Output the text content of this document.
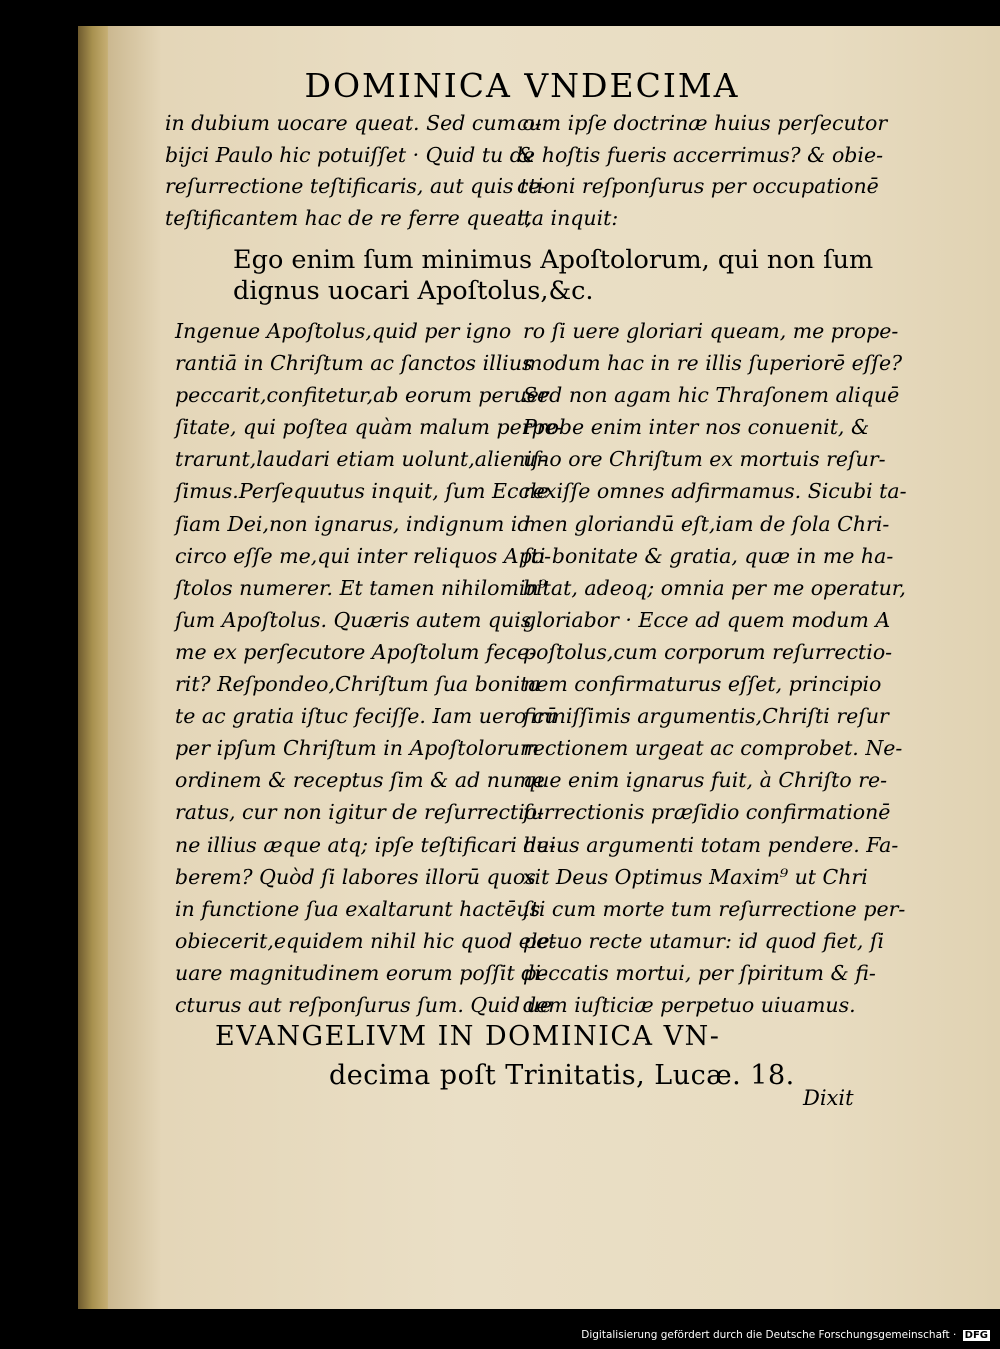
DOMINICA VNDECIMA
in dubium uocare queat. Sed cum o-
bijci Paulo hic potuiſſet · Quid tu de
reſurrectione teſtificaris, aut quis te-
teſtificantem hac de re ferre queat,
cum ipſe doctrinæ huius perſecutor
& hoſtis fueris accerrimus? & obie-
ctioni reſponſurus per occupationē
ita inquit:
Ego enim ſum minimus Apoſtolorum, qui non ſum
dignus uocari Apoſtolus,&c.
Ingenue Apoſtolus,quid per igno
rantiā in Chriſtum ac ſanctos illius
peccarit,confitetur,ab eorum peruer
ſitate, qui poſtea quàm malum perpe-
trarunt,laudari etiam uolunt,alieniſ-
ſimus.Perſequutus inquit, ſum Eccle
ſiam Dei,non ignarus, indignum id
circo eſſe me,qui inter reliquos Apo-
ſtolos numerer. Et tamen nihilomin⁹
ſum Apoſtolus. Quæris autem quis
me ex perſecutore Apoſtolum fece-
rit? Reſpondeo,Chriſtum ſua bonita
te ac gratia iſtuc feciſſe. Iam uero cū
per ipſum Chriſtum in Apoſtolorum
ordinem & receptus ſim & ad nume
ratus, cur non igitur de reſurrectio-
ne illius æque atq; ipſe teſtificari de-
berem? Quòd ſi labores illorū quos
in functione ſua exaltarunt hactēus
obiecerit,equidem nihil hic quod ele-
uare magnitudinem eorum poſſit di-
cturus aut reſponſurus ſum. Quid ue
ro ſi uere gloriari queam, me prope-
modum hac in re illis ſuperiorē eſſe?
Sed non agam hic Thraſonem aliquē
Probe enim inter nos conuenit, &
uno ore Chriſtum ex mortuis reſur-
rexiſſe omnes adfirmamus. Sicubi ta-
men gloriandū eſt,iam de ſola Chri-
ſti bonitate & gratia, quæ in me ha-
bitat, adeoq; omnia per me operatur,
gloriabor · Ecce ad quem modum A
poſtolus,cum corporum reſurrectio-
nem confirmaturus eſſet, principio
firmiſſimis argumentis,Chriſti reſur
rectionem urgeat ac comprobet. Ne-
que enim ignarus fuit, à Chriſto re-
ſurrectionis præſidio confirmationē
huius argumenti totam pendere. Fa-
xit Deus Optimus Maxim⁹ ut Chri
ſti cum morte tum reſurrectione per-
petuo recte utamur: id quod fiet, ſi
peccatis mortui, per ſpiritum & fi-
dem iuſticiæ perpetuo uiuamus.
EVANGELIVM IN DOMINICA VN-
decima poſt Trinitatis, Lucæ. 18.
Dixit
Digitalisierung gefördert durch die Deutsche Forschungsgemeinschaft · DFG
